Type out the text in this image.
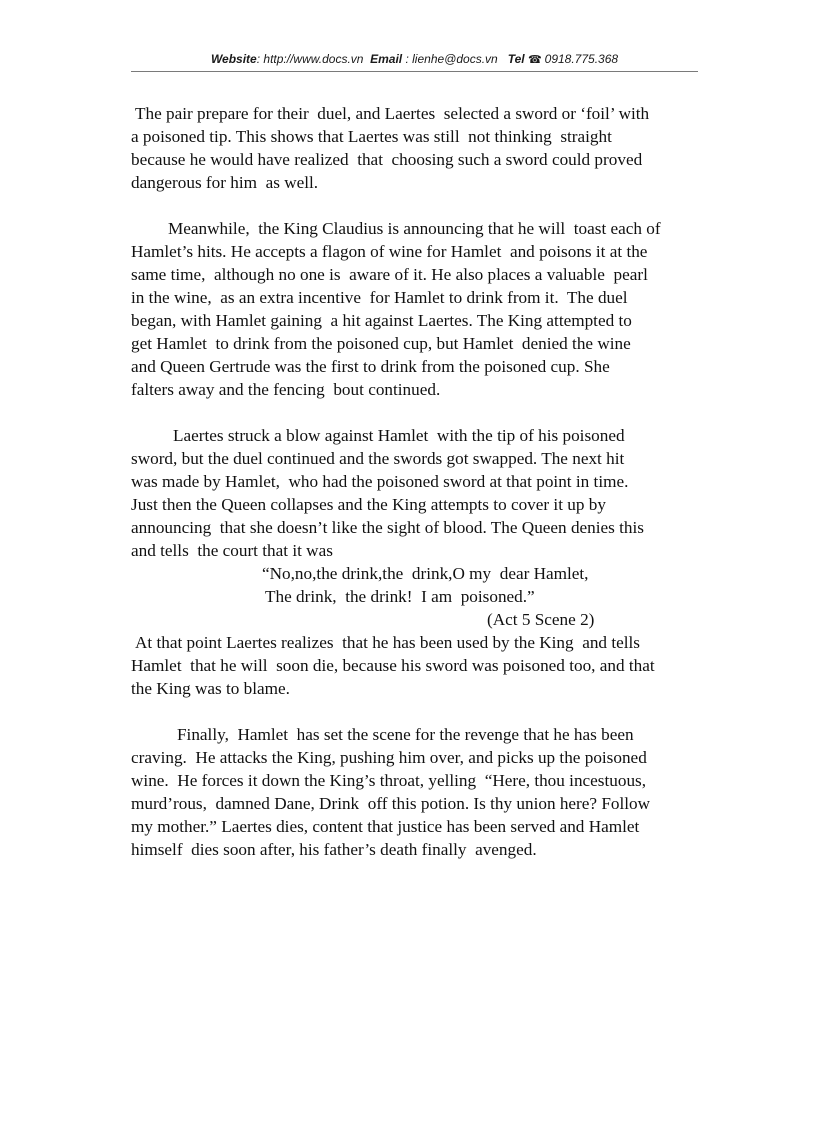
Website: http://www.docs.vn Email : lienhe@docs.vn Tel ☎: 0918.775.368
The pair prepare for their  duel, and Laertes  selected a sword or ‘foil’ with
a poisoned tip. This shows that Laertes was still  not thinking  straight
because he would have realized  that  choosing such a sword could proved
dangerous for him  as well.
Meanwhile,  the King Claudius is announcing that he will  toast each of
Hamlet’s hits. He accepts a flagon of wine for Hamlet  and poisons it at the
same time,  although no one is  aware of it. He also places a valuable  pearl
in the wine,  as an extra incentive  for Hamlet to drink from it.  The duel
began, with Hamlet gaining  a hit against Laertes. The King attempted to
get Hamlet  to drink from the poisoned cup, but Hamlet  denied the wine
and Queen Gertrude was the first to drink from the poisoned cup. She
falters away and the fencing  bout continued.
Laertes struck a blow against Hamlet  with the tip of his poisoned
sword, but the duel continued and the swords got swapped. The next hit
was made by Hamlet,  who had the poisoned sword at that point in time.
Just then the Queen collapses and the King attempts to cover it up by
announcing  that she doesn’t like the sight of blood. The Queen denies this
and tells  the court that it was
“No,no,the drink,the  drink,O my  dear Hamlet,
The drink,  the drink!  I am  poisoned.”
(Act 5 Scene 2)
At that point Laertes realizes  that he has been used by the King  and tells
Hamlet  that he will  soon die, because his sword was poisoned too, and that
the King was to blame.
Finally,  Hamlet  has set the scene for the revenge that he has been
craving.  He attacks the King, pushing him over, and picks up the poisoned
wine.  He forces it down the King’s throat, yelling  “Here, thou incestuous,
murd’rous,  damned Dane, Drink  off this potion. Is thy union here? Follow
my mother.” Laertes dies, content that justice has been served and Hamlet
himself  dies soon after, his father’s death finally  avenged.
